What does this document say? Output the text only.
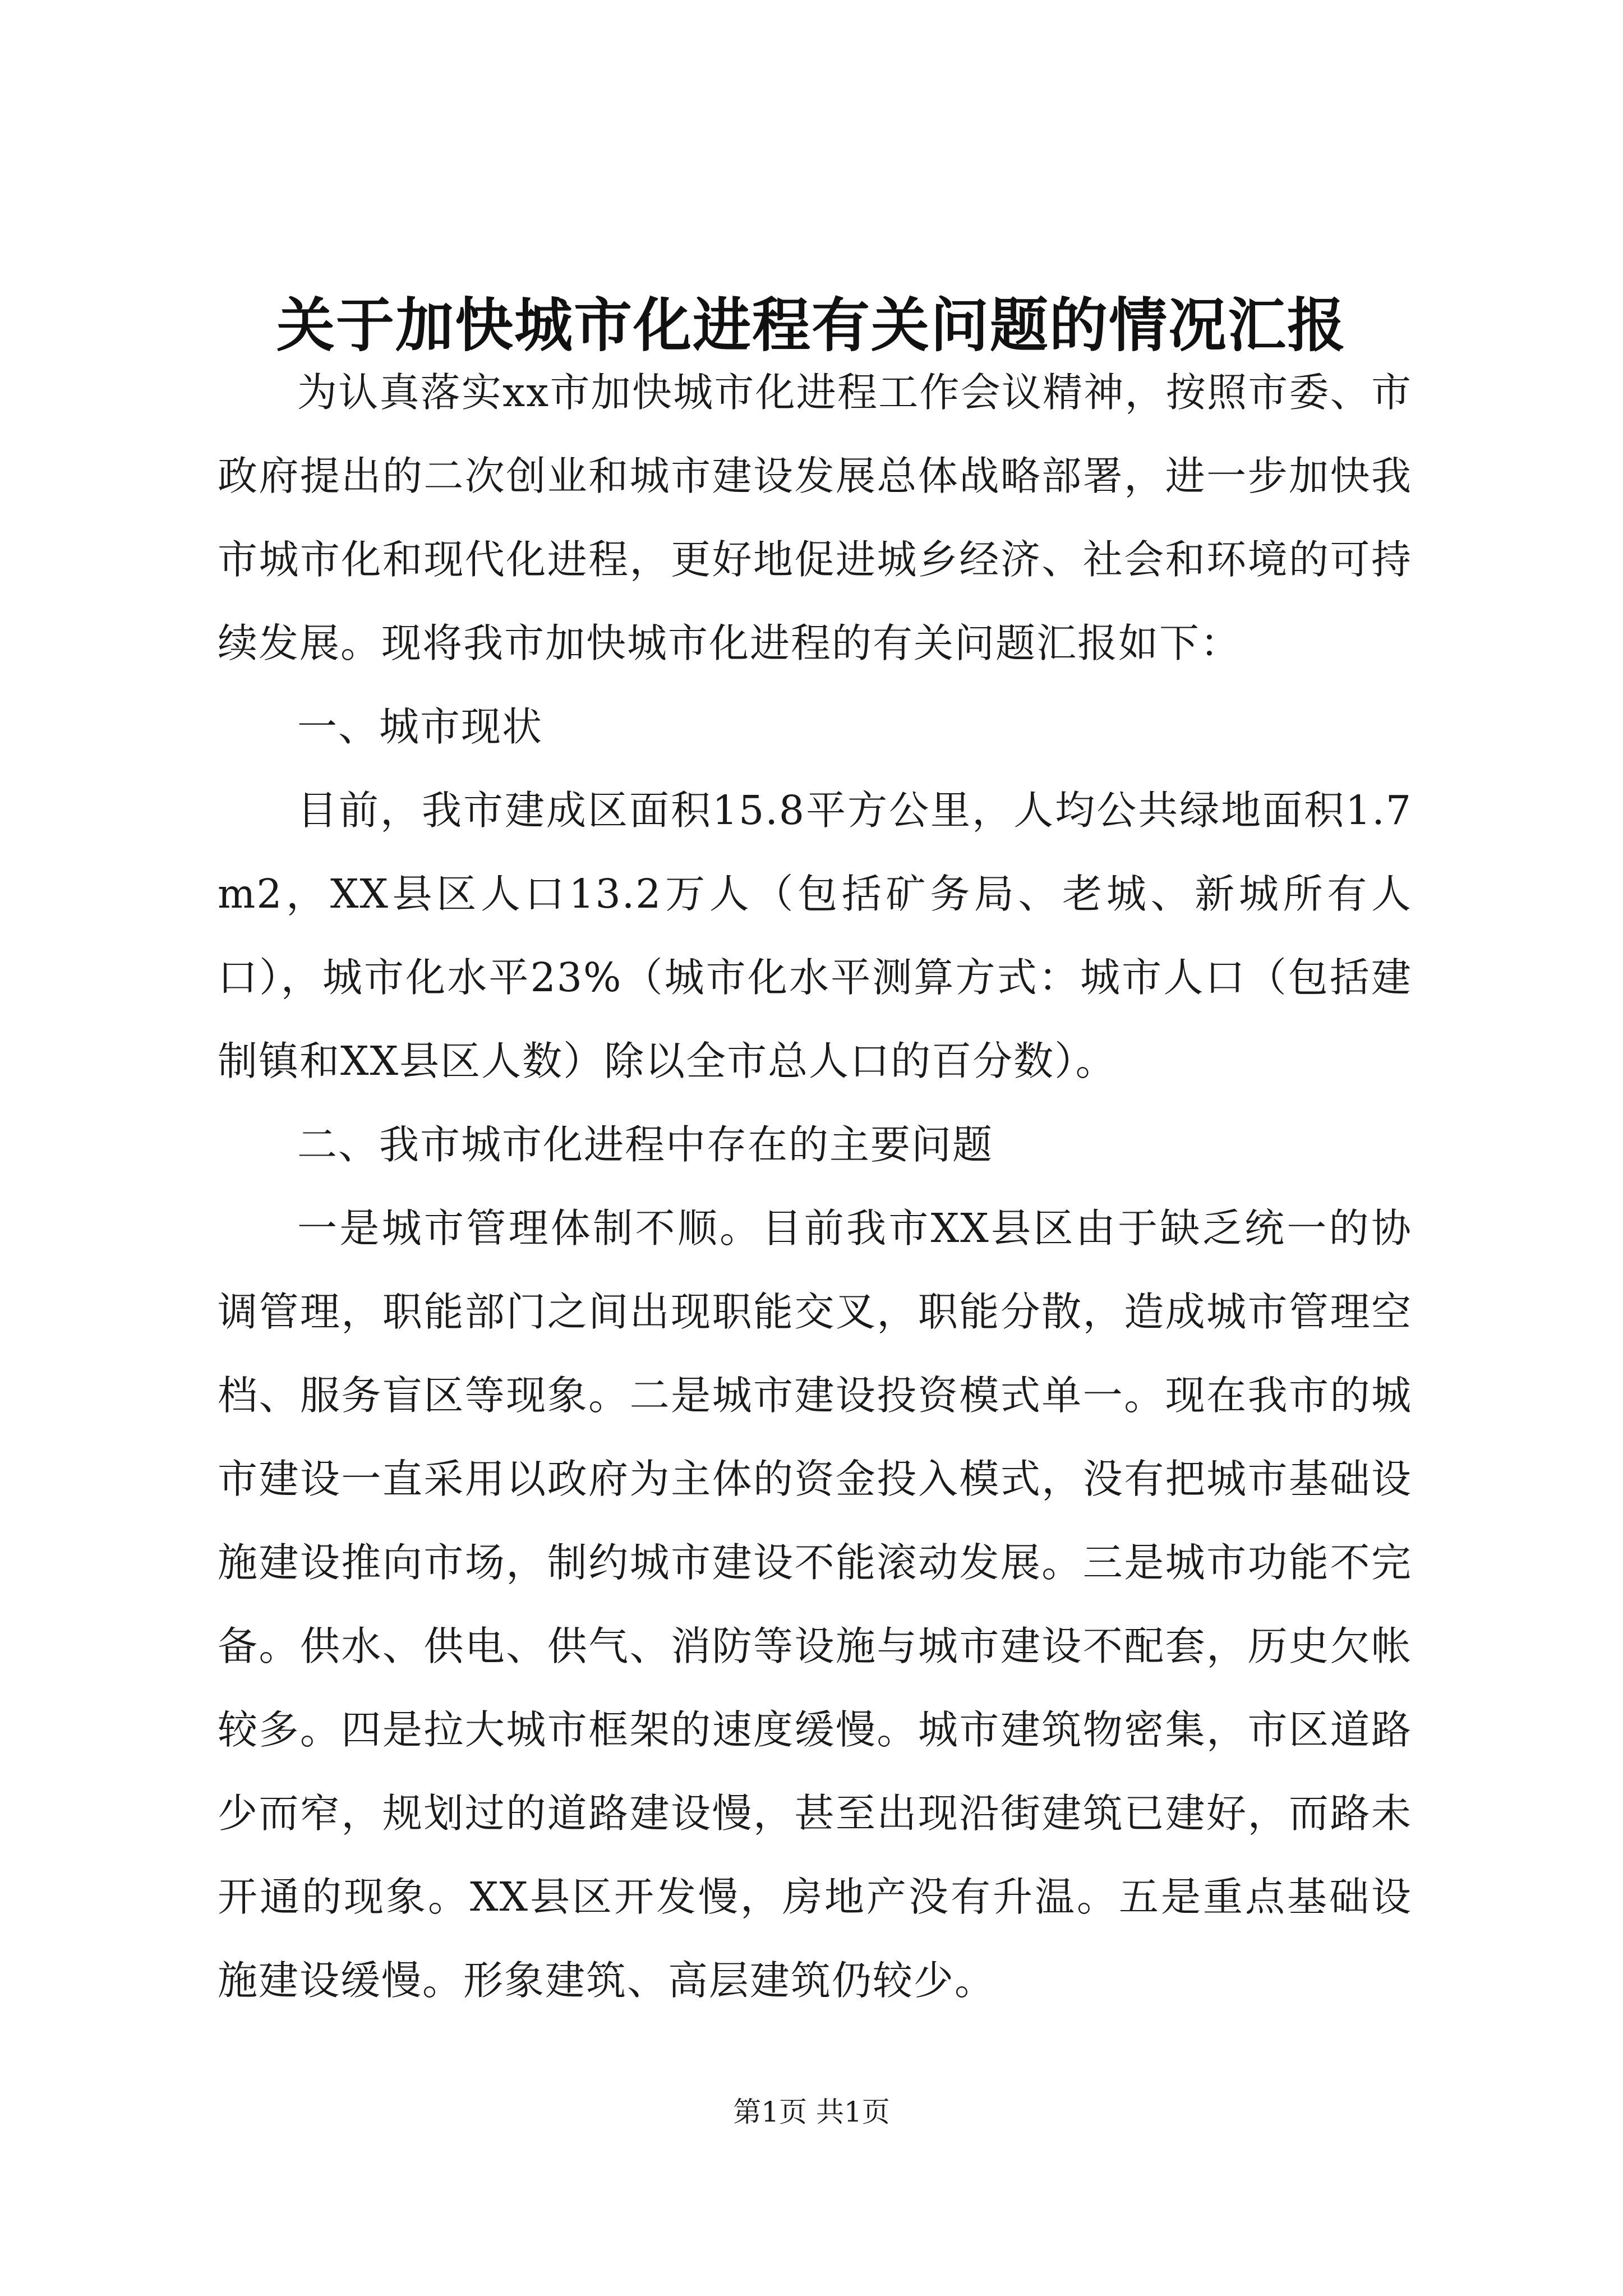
关于加快城市化进程有关问题的情况汇报

为认真落实xx市加快城市化进程工作会议精神，按照市委、市政府提出的二次创业和城市建设发展总体战略部署，进一步加快我市城市化和现代化进程，更好地促进城乡经济、社会和环境的可持续发展。现将我市加快城市化进程的有关问题汇报如下：

一、城市现状

目前，我市建成区面积15.8平方公里，人均公共绿地面积1.7m2，XX县区人口13.2万人（包括矿务局、老城、新城所有人口），城市化水平23%（城市化水平测算方式：城市人口（包括建制镇和XX县区人数）除以全市总人口的百分数）。

二、我市城市化进程中存在的主要问题

一是城市管理体制不顺。目前我市XX县区由于缺乏统一的协调管理，职能部门之间出现职能交叉，职能分散，造成城市管理空档、服务盲区等现象。二是城市建设投资模式单一。现在我市的城市建设一直采用以政府为主体的资金投入模式，没有把城市基础设施建设推向市场，制约城市建设不能滚动发展。三是城市功能不完备。供水、供电、供气、消防等设施与城市建设不配套，历史欠帐较多。四是拉大城市框架的速度缓慢。城市建筑物密集，市区道路少而窄，规划过的道路建设慢，甚至出现沿街建筑已建好，而路未开通的现象。XX县区开发慢，房地产没有升温。五是重点基础设施建设缓慢。形象建筑、高层建筑仍较少。

第1页 共1页
